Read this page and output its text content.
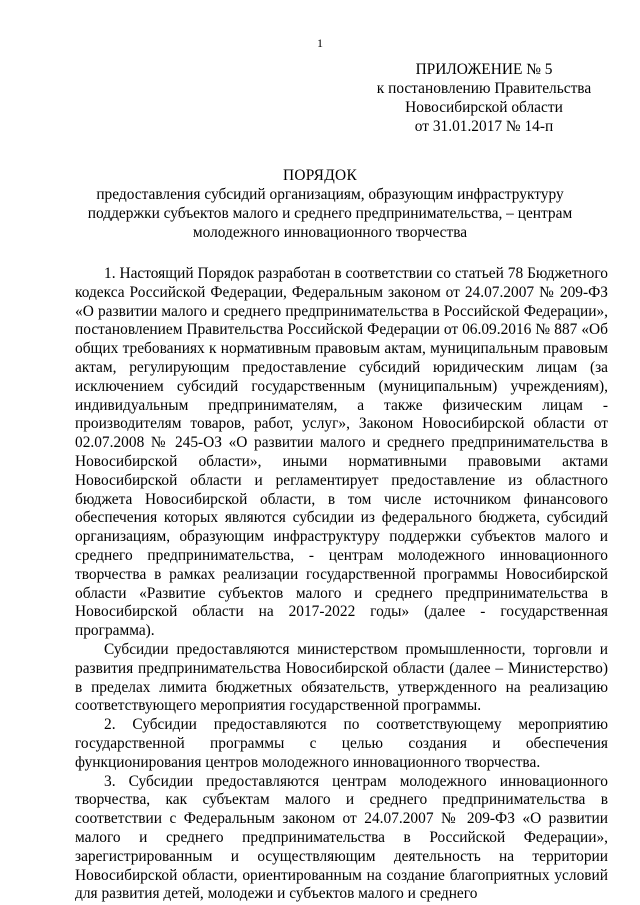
1
ПРИЛОЖЕНИЕ № 5
к постановлению Правительства
Новосибирской области
от 31.01.2017 № 14-п
ПОРЯДОК
предоставления субсидий организациям, образующим инфраструктуру поддержки субъектов малого и среднего предпринимательства, – центрам молодежного инновационного творчества

1. Настоящий Порядок разработан в соответствии со статьей 78 Бюджетного кодекса Российской Федерации, Федеральным законом от 24.07.2007 № 209-ФЗ «О развитии малого и среднего предпринимательства в Российской Федерации», постановлением Правительства Российской Федерации от 06.09.2016 № 887 «Об общих требованиях к нормативным правовым актам, муниципальным правовым актам, регулирующим предоставление субсидий юридическим лицам (за исключением субсидий государственным (муниципальным) учреждениям), индивидуальным предпринимателям, а также физическим лицам - производителям товаров, работ, услуг», Законом Новосибирской области от 02.07.2008 № 245-ОЗ «О развитии малого и среднего предпринимательства в Новосибирской области», иными нормативными правовыми актами Новосибирской области и регламентирует предоставление из областного бюджета Новосибирской области, в том числе источником финансового обеспечения которых являются субсидии из федерального бюджета, субсидий организациям, образующим инфраструктуру поддержки субъектов малого и среднего предпринимательства, - центрам молодежного инновационного творчества в рамках реализации государственной программы Новосибирской области «Развитие субъектов малого и среднего предпринимательства в Новосибирской области на 2017-2022 годы» (далее - государственная программа).

Субсидии предоставляются министерством промышленности, торговли и развития предпринимательства Новосибирской области (далее – Министерство) в пределах лимита бюджетных обязательств, утвержденного на реализацию соответствующего мероприятия государственной программы.

2. Субсидии предоставляются по соответствующему мероприятию государственной программы с целью создания и обеспечения функционирования центров молодежного инновационного творчества.

3. Субсидии предоставляются центрам молодежного инновационного творчества, как субъектам малого и среднего предпринимательства в соответствии с Федеральным законом от 24.07.2007 № 209-ФЗ «О развитии малого и среднего предпринимательства в Российской Федерации», зарегистрированным и осуществляющим деятельность на территории Новосибирской области, ориентированным на создание благоприятных условий для развития детей, молодежи и субъектов малого и среднего
